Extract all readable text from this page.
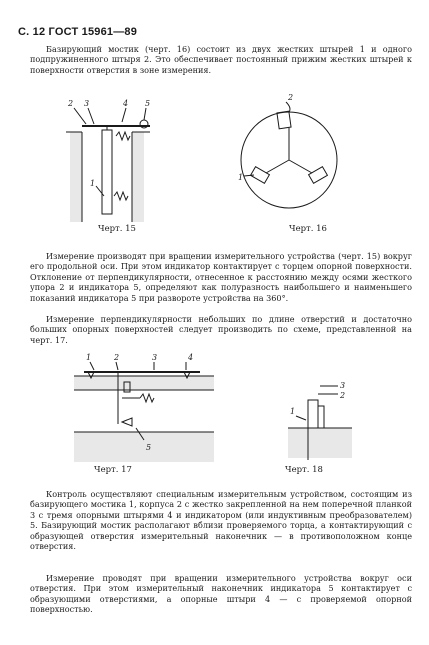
С. 12 ГОСТ 15961—89

Базирующий мостик (черт. 16) состоит из двух жестких штырей 1 и одного подпружиненного штыря 2. Это обеспечивает постоянный прижим жестких штырей к поверхности отверстия в зоне измерения.

2 3	4 5
1
Черт. 15
2
1
Черт. 16

Измерение производят при вращении измерительного устройства (черт. 15) вокруг его продольной оси. При этом индикатор контактирует с торцем опорной поверхности. Отклонение от перпендикулярности, отнесенное к расстоянию между осями жесткого упора 2 и индикатора 5, определяют как полуразность наибольшего и наименьшего показаний индикатора 5 при развороте устройства на 360°.

Измерение перпендикулярности небольших по длине отверстий и достаточно больших опорных поверхностей следует производить по схеме, представленной на черт. 17.

1	2	3	4
5
Черт. 17
3
2
1
Черт. 18

Контроль осуществляют специальным измерительным устройством, состоящим из базирующего мостика 1, корпуса 2 с жестко закрепленной на нем поперечной планкой 3 с тремя опорными штырями 4 и индикатором (или индуктивным преобразователем) 5. Базирующий мостик располагают вблизи проверяемого торца, а контактирующий с образующей отверстия измерительный наконечник — в противоположном конце отверстия.

Измерение проводят при вращении измерительного устройства вокруг оси отверстия. При этом измерительный наконечник индикатора 5 контактирует с образующими отверстиями, а опорные штыри 4 — с проверяемой опорной поверхностью.
